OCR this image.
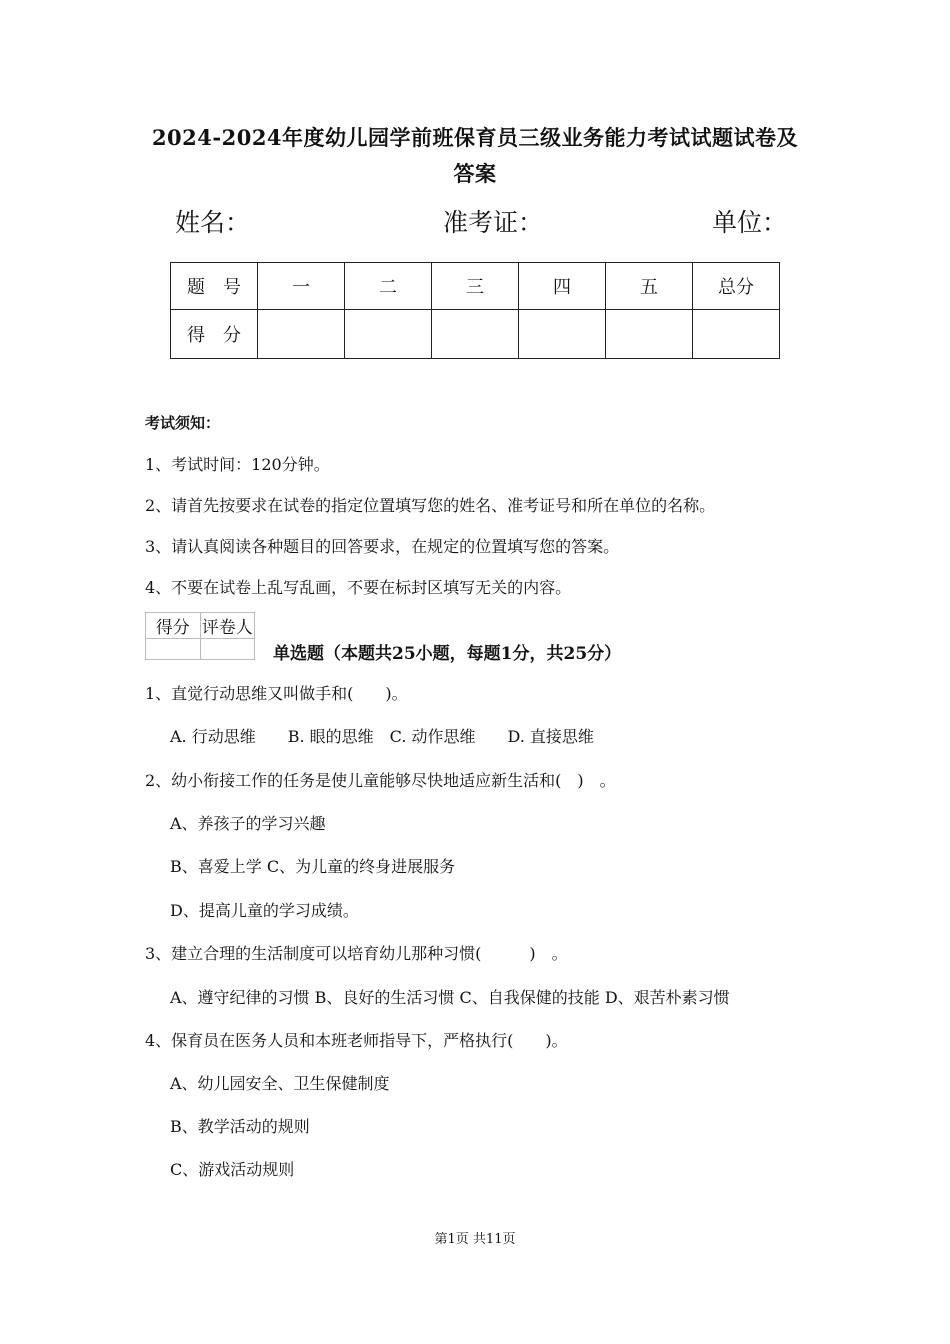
2024-2024年度幼儿园学前班保育员三级业务能力考试试题试卷及

答案

姓名：	准考证：	单位：
题　号	一	二	三	四	五	总分
得　分						

考试须知：

1、考试时间：120分钟。

2、请首先按要求在试卷的指定位置填写您的姓名、准考证号和所在单位的名称。

3、请认真阅读各种题目的回答要求，在规定的位置填写您的答案。

4、不要在试卷上乱写乱画，不要在标封区填写无关的内容。

得分	评卷人

单选题（本题共25小题，每题1分，共25分）

1、直觉行动思维又叫做手和(　　)。

A. 行动思维　　B. 眼的思维　C. 动作思维　　D. 直接思维

2、幼小衔接工作的任务是使儿童能够尽快地适应新生活和(　)　。

A、养孩子的学习兴趣

B、喜爱上学 C、为儿童的终身进展服务

D、提高儿童的学习成绩。

3、建立合理的生活制度可以培育幼儿那种习惯(　　　)　。

A、遵守纪律的习惯 B、良好的生活习惯 C、自我保健的技能 D、艰苦朴素习惯

4、保育员在医务人员和本班老师指导下，严格执行(　　)。

A、幼儿园安全、卫生保健制度

B、教学活动的规则

C、游戏活动规则

第1页 共11页
